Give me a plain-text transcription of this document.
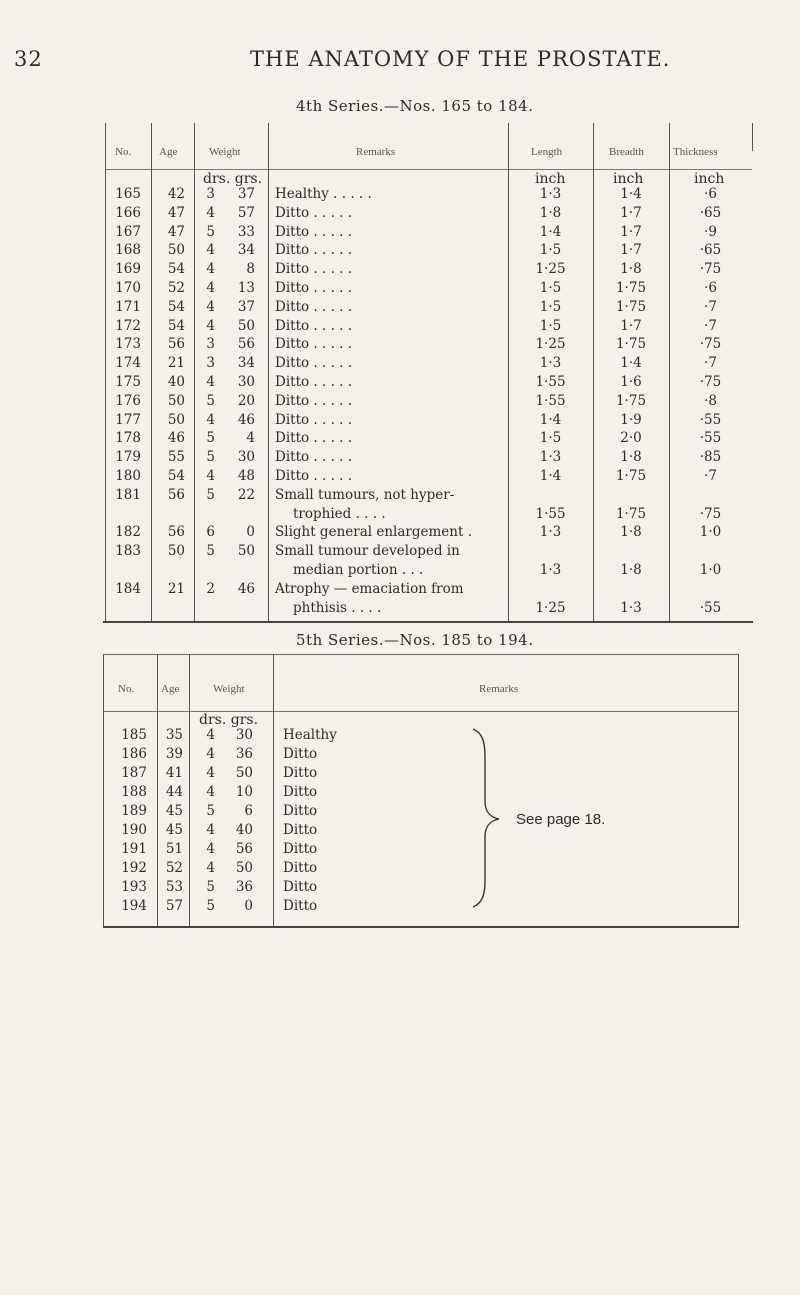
32	THE ANATOMY OF THE PROSTATE.
4th Series.—Nos. 165 to 184.
No.	Age	Weight	Remarks	Length	Breadth	Thickness
drs. grs.	inch	inch	inch
165	42	3	37 Healthy . . . . .	1·3	1·4	·6
166	47	4	57 Ditto . . . . .	1·8	1·7	·65
167	47	5	33 Ditto . . . . .	1·4	1·7	·9
168	50	4	34 Ditto . . . . .	1·5	1·7	·65
169	54	4	8 Ditto . . . . .	1·25	1·8	·75
170	52	4	13 Ditto . . . . .	1·5	1·75	·6
171	54	4	37 Ditto . . . . .	1·5	1·75	·7
172	54	4	50 Ditto . . . . .	1·5	1·7	·7
173	56	3	56 Ditto . . . . .	1·25	1·75	·75
174	21	3	34 Ditto . . . . .	1·3	1·4	·7
175	40	4	30 Ditto . . . . .	1·55	1·6	·75
176	50	5	20 Ditto . . . . .	1·55	1·75	·8
177	50	4	46 Ditto . . . . .	1·4	1·9	·55
178	46	5	4 Ditto . . . . .	1·5	2·0	·55
179	55	5	30 Ditto . . . . .	1·3	1·8	·85
180	54	4	48 Ditto . . . . .	1·4	1·75	·7
181	56	5	22 Small tumours, not hyper-
trophied . . . .	1·55	1·75	·75
182	56	6	0 Slight general enlargement .	1·3	1·8	1·0
183	50	5	50 Small tumour developed in
median portion . . .	1·3	1·8	1·0
184	21	2	46 Atrophy — emaciation from
phthisis . . . .	1·25	1·3	·55
5th Series.—Nos. 185 to 194.
No. Age	Weight	Remarks
drs. grs.
See page 18.
185	35	4	30 Healthy
186	39	4	36 Ditto
187	41	4	50 Ditto
188	44	4	10 Ditto
189	45	5	6 Ditto
190	45	4	40 Ditto
191	51	4	56 Ditto
192	52	4	50 Ditto
193	53	5	36 Ditto
194	57	5	0 Ditto
